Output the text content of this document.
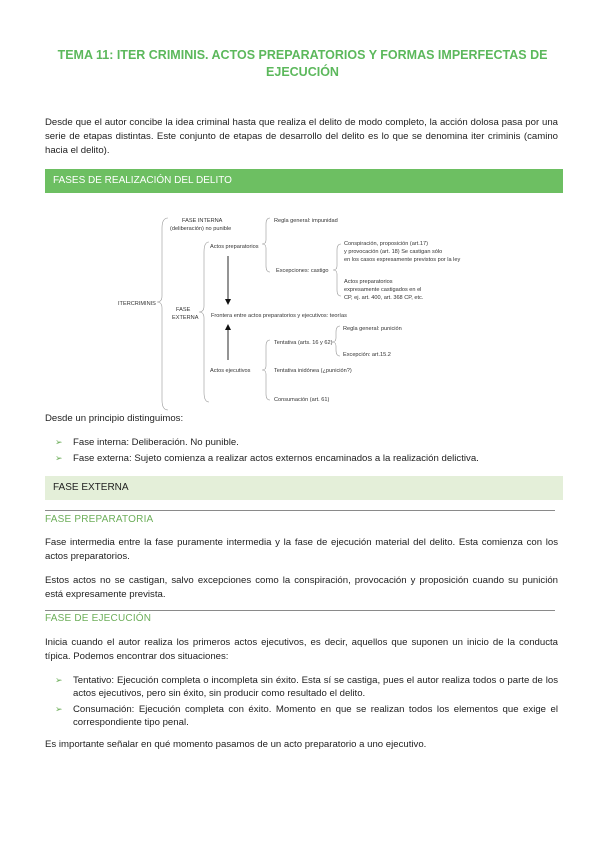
TEMA 11: ITER CRIMINIS. ACTOS PREPARATORIOS Y FORMAS IMPERFECTAS DE EJECUCIÓN
Desde que el autor concibe la idea criminal hasta que realiza el delito de modo completo, la acción dolosa pasa por una serie de etapas distintas. Este conjunto de etapas de desarrollo del delito es lo que se denomina iter criminis (camino hacia el delito).
FASES DE REALIZACIÓN DEL DELITO
ITERCRIMINIS
FASE INTERNA
(deliberación) no punible
FASE
EXTERNA
Actos preparatorios
Regla general: impunidad
Excepciones: castigo
Conspiración, proposición (art.17)
y provocación (art. 18) Se castigan sólo
en los casos expresamente previstos por la ley
Actos preparatorios
expresamente castigados en el
CP, ej. art. 400, art. 368 CP, etc.
Frontera entre actos preparatorios y ejecutivos: teorías
Actos ejecutivos
Tentativa (arts. 16 y 62)
Regla general: punición
Excepción: art.15.2
Tentativa inidónea (¿punición?)
Consumación (art. 61)
Desde un principio distinguimos:
➢ Fase interna: Deliberación. No punible.
➢ Fase externa: Sujeto comienza a realizar actos externos encaminados a la realización delictiva.
FASE EXTERNA
FASE PREPARATORIA
Fase intermedia entre la fase puramente intermedia y la fase de ejecución material del delito. Esta comienza con los actos preparatorios.
Estos actos no se castigan, salvo excepciones como la conspiración, provocación y proposición cuando su punición está expresamente prevista.
FASE DE EJECUCIÓN
Inicia cuando el autor realiza los primeros actos ejecutivos, es decir, aquellos que suponen un inicio de la conducta típica. Podemos encontrar dos situaciones:
➢ Tentativo: Ejecución completa o incompleta sin éxito. Esta sí se castiga, pues el autor realiza todos o parte de los actos ejecutivos, pero sin éxito, sin producir como resultado el delito.
➢ Consumación: Ejecución completa con éxito. Momento en que se realizan todos los elementos que exige el correspondiente tipo penal.
Es importante señalar en qué momento pasamos de un acto preparatorio a uno ejecutivo.
